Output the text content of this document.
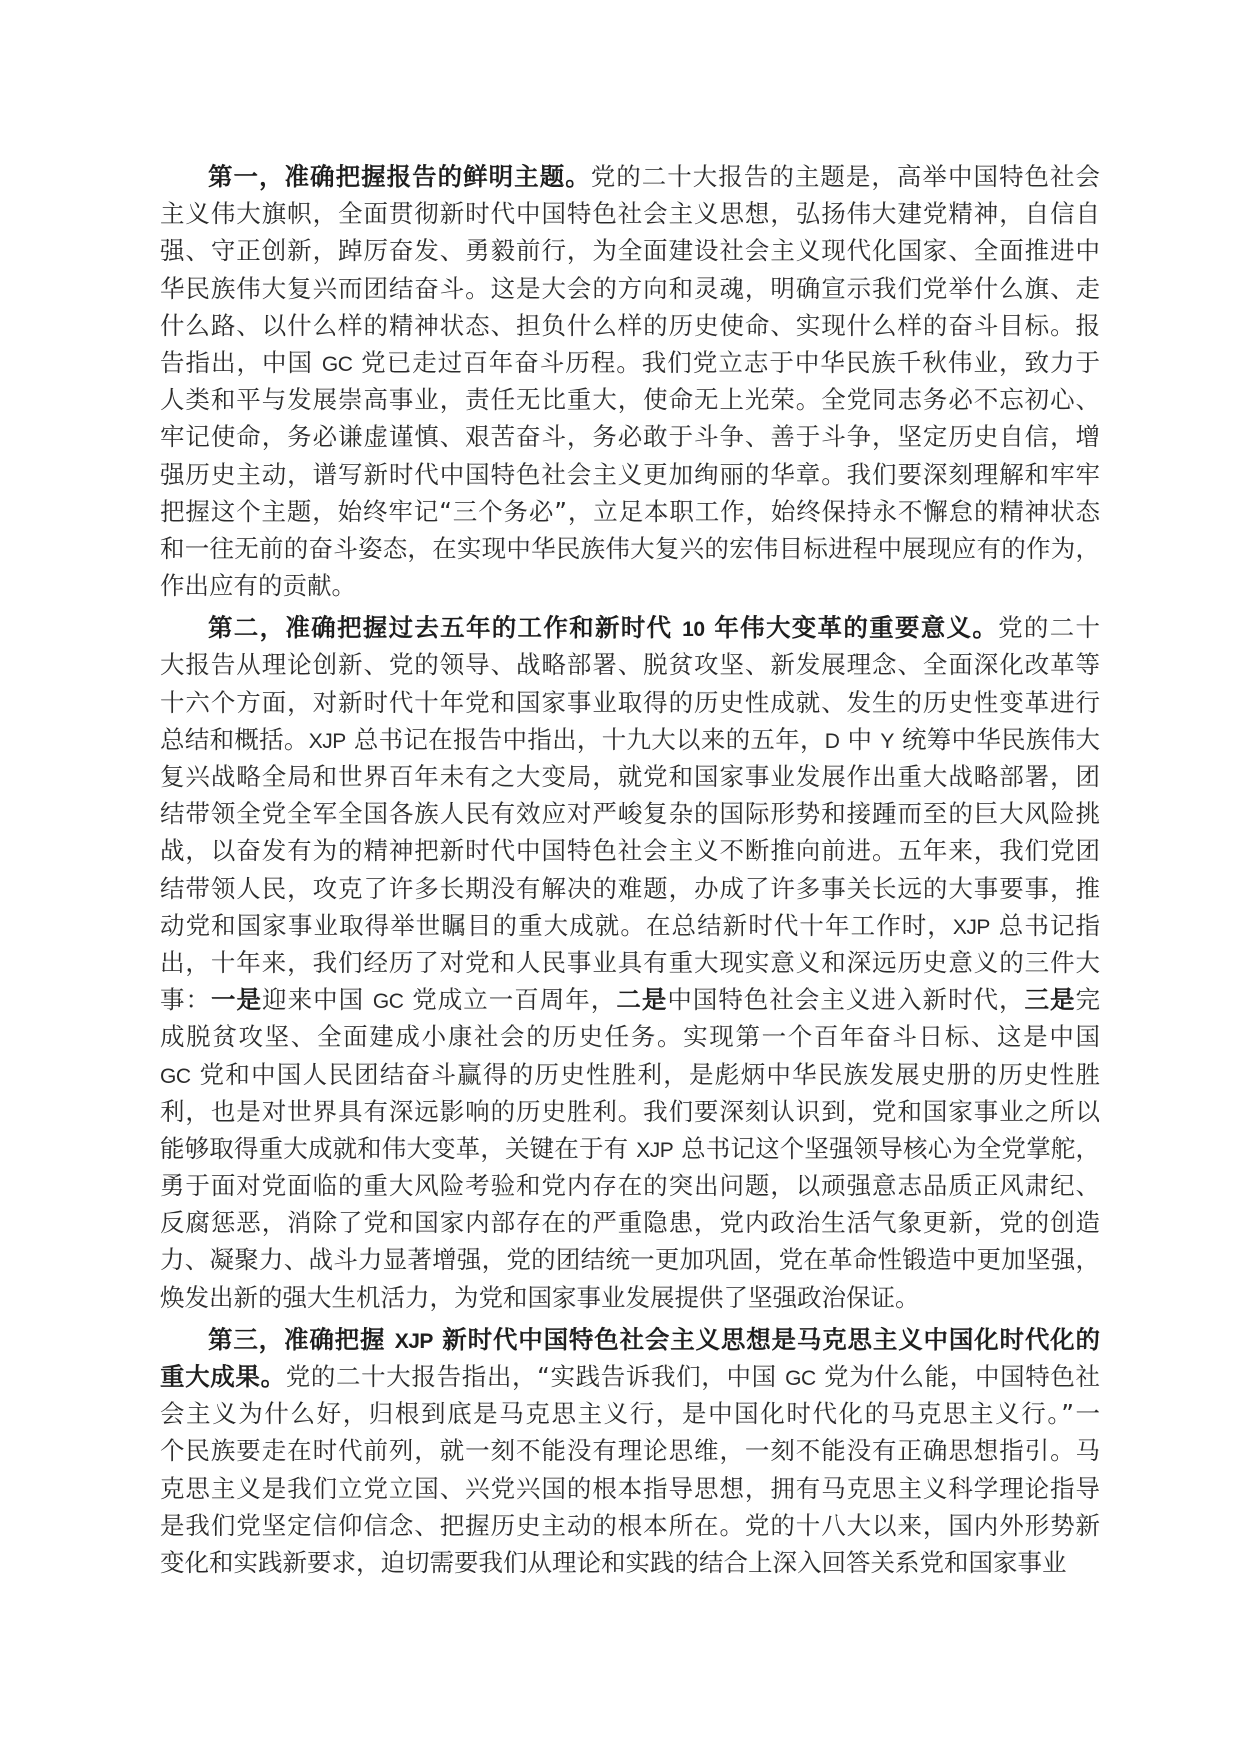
第一，准确把握报告的鲜明主题。党的二十大报告的主题是，高举中国特色社会
主义伟大旗帜，全面贯彻新时代中国特色社会主义思想，弘扬伟大建党精神，自信自
强、守正创新，踔厉奋发、勇毅前行，为全面建设社会主义现代化国家、全面推进中
华民族伟大复兴而团结奋斗。这是大会的方向和灵魂，明确宣示我们党举什么旗、走
什么路、以什么样的精神状态、担负什么样的历史使命、实现什么样的奋斗目标。报
告指出，中国 GC 党已走过百年奋斗历程。我们党立志于中华民族千秋伟业，致力于
人类和平与发展崇高事业，责任无比重大，使命无上光荣。全党同志务必不忘初心、
牢记使命，务必谦虚谨慎、艰苦奋斗，务必敢于斗争、善于斗争，坚定历史自信，增
强历史主动，谱写新时代中国特色社会主义更加绚丽的华章。我们要深刻理解和牢牢
把握这个主题，始终牢记“三个务必”，立足本职工作，始终保持永不懈怠的精神状态
和一往无前的奋斗姿态，在实现中华民族伟大复兴的宏伟目标进程中展现应有的作为，
作出应有的贡献。
第二，准确把握过去五年的工作和新时代 10 年伟大变革的重要意义。党的二十
大报告从理论创新、党的领导、战略部署、脱贫攻坚、新发展理念、全面深化改革等
十六个方面，对新时代十年党和国家事业取得的历史性成就、发生的历史性变革进行
总结和概括。XJP 总书记在报告中指出，十九大以来的五年，D 中 Y 统筹中华民族伟大
复兴战略全局和世界百年未有之大变局，就党和国家事业发展作出重大战略部署，团
结带领全党全军全国各族人民有效应对严峻复杂的国际形势和接踵而至的巨大风险挑
战，以奋发有为的精神把新时代中国特色社会主义不断推向前进。五年来，我们党团
结带领人民，攻克了许多长期没有解决的难题，办成了许多事关长远的大事要事，推
动党和国家事业取得举世瞩目的重大成就。在总结新时代十年工作时，XJP 总书记指
出，十年来，我们经历了对党和人民事业具有重大现实意义和深远历史意义的三件大
事：一是迎来中国 GC 党成立一百周年，二是中国特色社会主义进入新时代，三是完
成脱贫攻坚、全面建成小康社会的历史任务。实现第一个百年奋斗日标、这是中国
GC 党和中国人民团结奋斗赢得的历史性胜利，是彪炳中华民族发展史册的历史性胜
利，也是对世界具有深远影响的历史胜利。我们要深刻认识到，党和国家事业之所以
能够取得重大成就和伟大变革，关键在于有 XJP 总书记这个坚强领导核心为全党掌舵，
勇于面对党面临的重大风险考验和党内存在的突出问题，以顽强意志品质正风肃纪、
反腐惩恶，消除了党和国家内部存在的严重隐患，党内政治生活气象更新，党的创造
力、凝聚力、战斗力显著增强，党的团结统一更加巩固，党在革命性锻造中更加坚强，
焕发出新的强大生机活力，为党和国家事业发展提供了坚强政治保证。
第三，准确把握 XJP 新时代中国特色社会主义思想是马克思主义中国化时代化的
重大成果。党的二十大报告指出，“实践告诉我们，中国 GC 党为什么能，中国特色社
会主义为什么好，归根到底是马克思主义行，是中国化时代化的马克思主义行。”一
个民族要走在时代前列，就一刻不能没有理论思维，一刻不能没有正确思想指引。马
克思主义是我们立党立国、兴党兴国的根本指导思想，拥有马克思主义科学理论指导
是我们党坚定信仰信念、把握历史主动的根本所在。党的十八大以来，国内外形势新
变化和实践新要求，迫切需要我们从理论和实践的结合上深入回答关系党和国家事业
